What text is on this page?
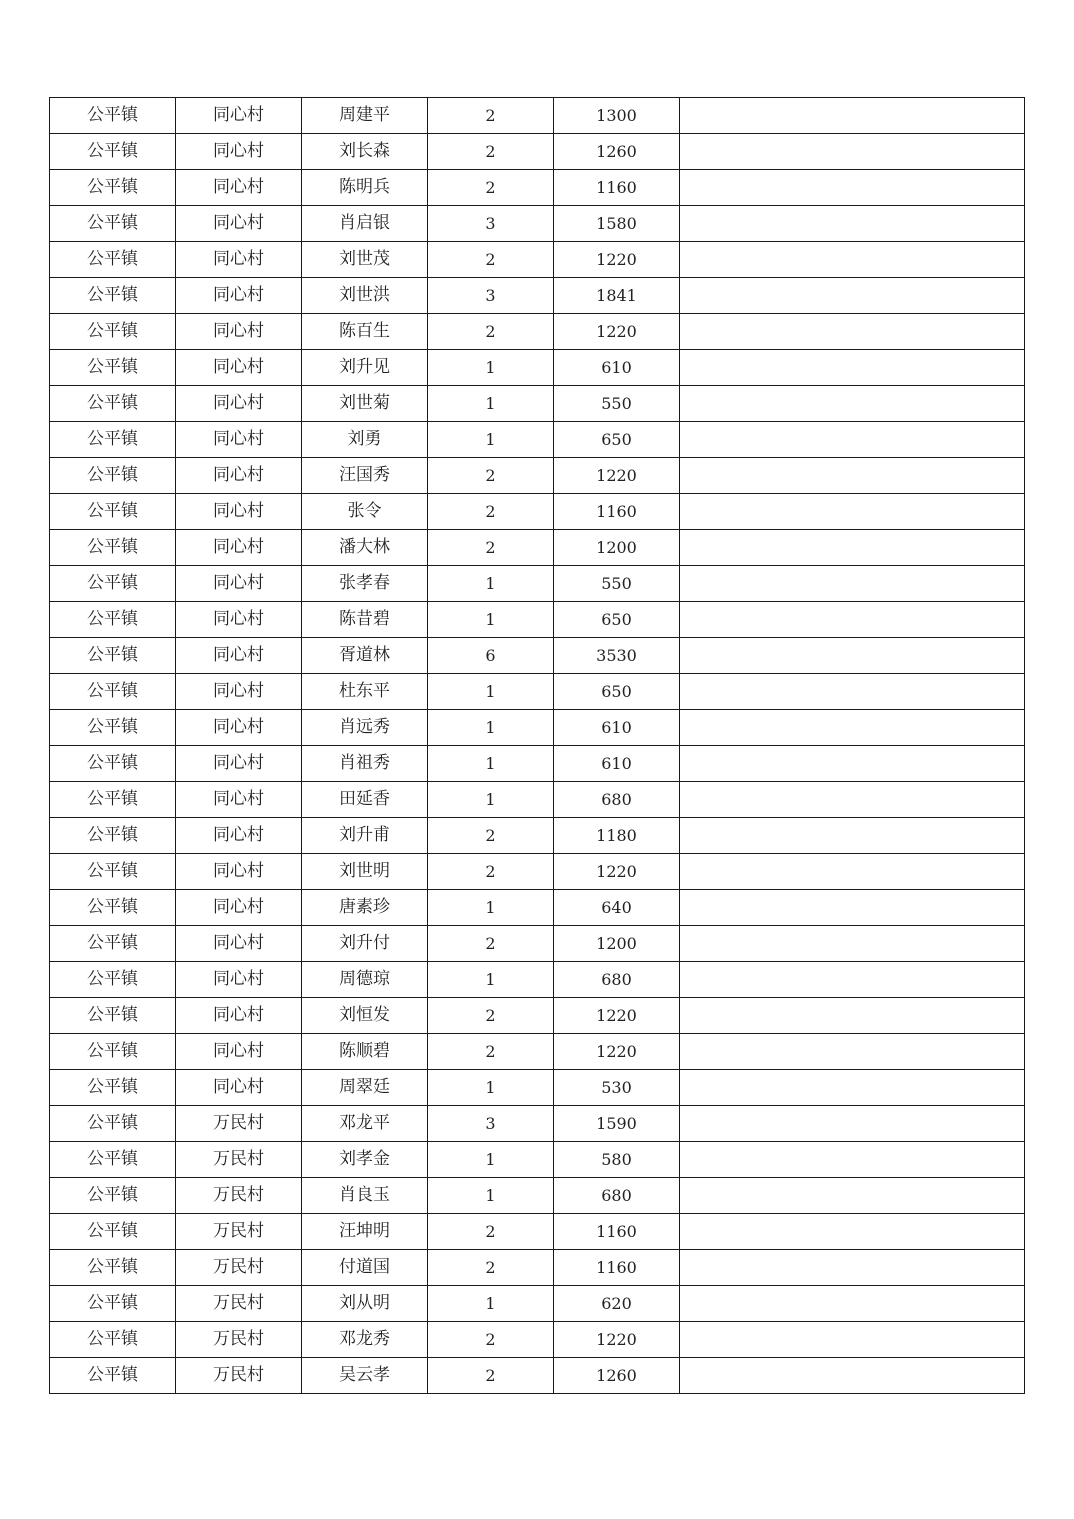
公平镇	同心村	周建平	2	1300	
公平镇	同心村	刘长森	2	1260	
公平镇	同心村	陈明兵	2	1160	
公平镇	同心村	肖启银	3	1580	
公平镇	同心村	刘世茂	2	1220	
公平镇	同心村	刘世洪	3	1841	
公平镇	同心村	陈百生	2	1220	
公平镇	同心村	刘升见	1	610	
公平镇	同心村	刘世菊	1	550	
公平镇	同心村	刘勇	1	650	
公平镇	同心村	汪国秀	2	1220	
公平镇	同心村	张令	2	1160	
公平镇	同心村	潘大林	2	1200	
公平镇	同心村	张孝春	1	550	
公平镇	同心村	陈昔碧	1	650	
公平镇	同心村	胥道林	6	3530	
公平镇	同心村	杜东平	1	650	
公平镇	同心村	肖远秀	1	610	
公平镇	同心村	肖祖秀	1	610	
公平镇	同心村	田延香	1	680	
公平镇	同心村	刘升甫	2	1180	
公平镇	同心村	刘世明	2	1220	
公平镇	同心村	唐素珍	1	640	
公平镇	同心村	刘升付	2	1200	
公平镇	同心村	周德琼	1	680	
公平镇	同心村	刘恒发	2	1220	
公平镇	同心村	陈顺碧	2	1220	
公平镇	同心村	周翠廷	1	530	
公平镇	万民村	邓龙平	3	1590	
公平镇	万民村	刘孝金	1	580	
公平镇	万民村	肖良玉	1	680	
公平镇	万民村	汪坤明	2	1160	
公平镇	万民村	付道国	2	1160	
公平镇	万民村	刘从明	1	620	
公平镇	万民村	邓龙秀	2	1220	
公平镇	万民村	吴云孝	2	1260	
